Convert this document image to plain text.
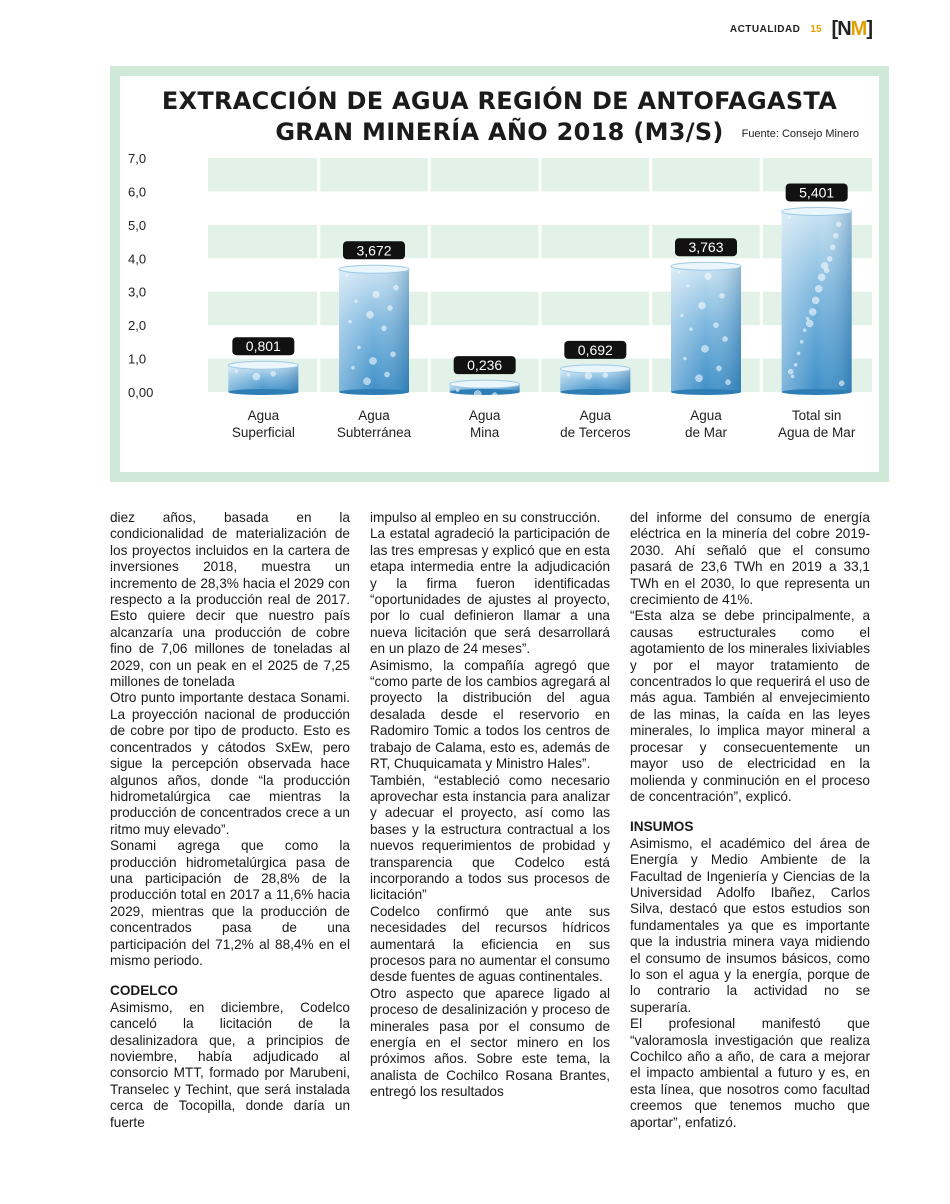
ACTUALIDAD 15 [NM]
EXTRACCIÓN DE AGUA REGIÓN DE ANTOFAGASTA
GRAN MINERÍA AÑO 2018 (M3/S)	Fuente: Consejo Minero
0,00
1,0
2,0
3,0
4,0
5,0
6,0
7,0
0,801
Agua
Superficial
3,672
Agua
Subterránea
0,236
Agua
Mina
0,692
Agua
de Terceros
3,763
Agua
de Mar
5,401
Total sin
Agua de Mar

diez años, basada en la condicionalidad de materialización de los proyectos incluidos en la cartera de inversiones 2018, muestra un incremento de 28,3% hacia el 2029 con respecto a la producción real de 2017. Esto quiere decir que nuestro país alcanzaría una producción de cobre fino de 7,06 millones de toneladas al 2029, con un peak en el 2025 de 7,25 millones de tonelada

Otro punto importante destaca Sonami. La proyección nacional de producción de cobre por tipo de producto. Esto es concentrados y cátodos SxEw, pero sigue la percepción observada hace algunos años, donde “la producción hidrometalúrgica cae mientras la producción de concentrados crece a un ritmo muy elevado”.

Sonami agrega que como la producción hidrometalúrgica pasa de una participación de 28,8% de la producción total en 2017 a 11,6% hacia 2029, mientras que la producción de concentrados pasa de una participación del 71,2% al 88,4% en el mismo periodo.

CODELCO

Asimismo, en diciembre, Codelco canceló la licitación de la desalinizadora que, a principios de noviembre, había adjudicado al consorcio MTT, formado por Marubeni, Transelec y Techint, que será instalada cerca de Tocopilla, donde daría un fuerte

impulso al empleo en su construcción.

La estatal agradeció la participación de las tres empresas y explicó que en esta etapa intermedia entre la adjudicación y la firma fueron identificadas “oportunidades de ajustes al proyecto, por lo cual definieron llamar a una nueva licitación que será desarrollará en un plazo de 24 meses”.

Asimismo, la compañía agregó que “como parte de los cambios agregará al proyecto la distribución del agua desalada desde el reservorio en Radomiro Tomic a todos los centros de trabajo de Calama, esto es, además de RT, Chuquicamata y Ministro Hales”.

También, “estableció como necesario aprovechar esta instancia para analizar y adecuar el proyecto, así como las bases y la estructura contractual a los nuevos requerimientos de probidad y transparencia que Codelco está incorporando a todos sus procesos de licitación”

Codelco confirmó que ante sus necesidades del recursos hídricos aumentará la eficiencia en sus procesos para no aumentar el consumo desde fuentes de aguas continentales.

Otro aspecto que aparece ligado al proceso de desalinización y proceso de minerales pasa por el consumo de energía en el sector minero en los próximos años. Sobre este tema, la analista de Cochilco Rosana Brantes, entregó los resultados

del informe del consumo de energía eléctrica en la minería del cobre 2019-2030. Ahí señaló que el consumo pasará de 23,6 TWh en 2019 a 33,1 TWh en el 2030, lo que representa un crecimiento de 41%.

“Esta alza se debe principalmente, a causas estructurales como el agotamiento de los minerales lixiviables y por el mayor tratamiento de concentrados lo que requerirá el uso de más agua. También al envejecimiento de las minas, la caída en las leyes minerales, lo implica mayor mineral a procesar y consecuentemente un mayor uso de electricidad en la molienda y conminución en el proceso de concentración”, explicó.

INSUMOS

Asimismo, el académico del área de Energía y Medio Ambiente de la Facultad de Ingeniería y Ciencias de la Universidad Adolfo Ibañez, Carlos Silva, destacó que estos estudios son fundamentales ya que es importante que la industria minera vaya midiendo el consumo de insumos básicos, como lo son el agua y la energía, porque de lo contrario la actividad no se superaría.

El profesional manifestó que “valoramosla investigación que realiza Cochilco año a año, de cara a mejorar el impacto ambiental a futuro y es, en esta línea, que nosotros como facultad creemos que tenemos mucho que aportar”, enfatizó.
